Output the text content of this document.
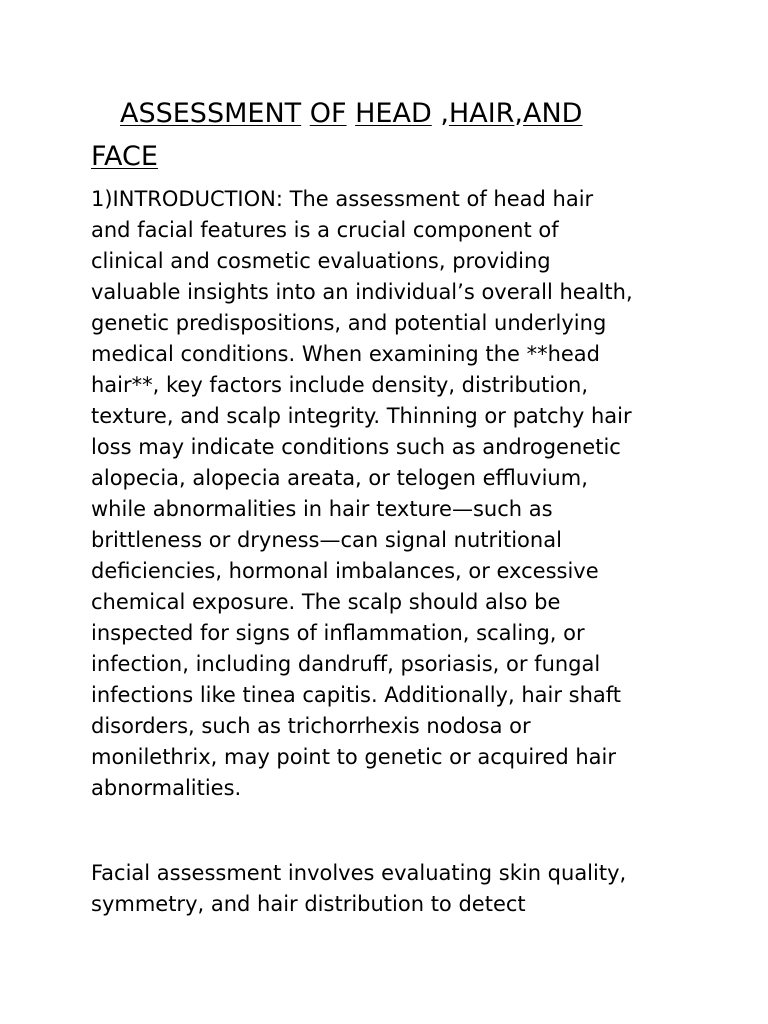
ASSESSMENT OF HEAD ,HAIR,AND FACE

1)INTRODUCTION: The assessment of head hair
and facial features is a crucial component of
clinical and cosmetic evaluations, providing
valuable insights into an individual’s overall health,
genetic predispositions, and potential underlying
medical conditions. When examining the **head
hair**, key factors include density, distribution,
texture, and scalp integrity. Thinning or patchy hair
loss may indicate conditions such as androgenetic
alopecia, alopecia areata, or telogen effluvium,
while abnormalities in hair texture—such as
brittleness or dryness—can signal nutritional
deficiencies, hormonal imbalances, or excessive
chemical exposure. The scalp should also be
inspected for signs of inflammation, scaling, or
infection, including dandruff, psoriasis, or fungal
infections like tinea capitis. Additionally, hair shaft
disorders, such as trichorrhexis nodosa or
monilethrix, may point to genetic or acquired hair
abnormalities.

Facial assessment involves evaluating skin quality,
symmetry, and hair distribution to detect
